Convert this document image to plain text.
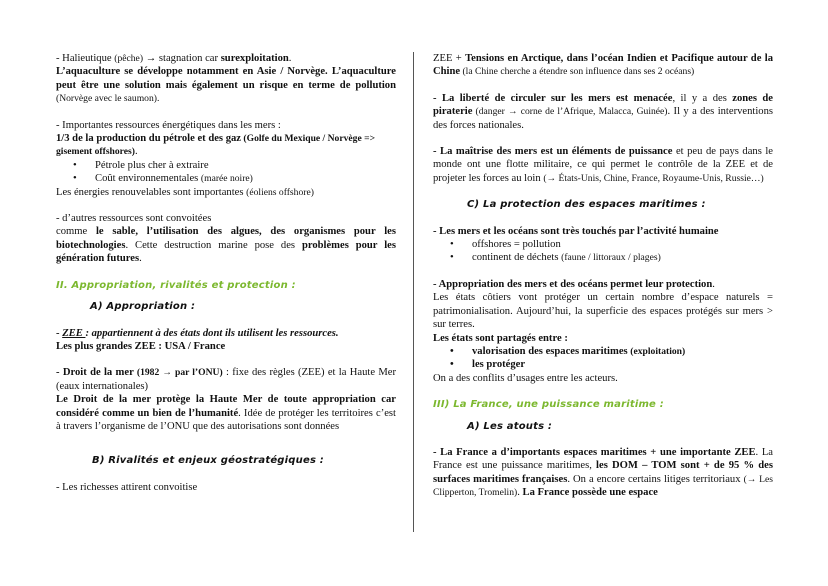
- Halieutique (pêche) → stagnation car surexploitation.

L’aquaculture se développe notamment en Asie / Norvège. L’aquaculture peut être une solution mais également un risque en terme de pollution (Norvège avec le saumon).

- Importantes ressources énergétiques dans les mers :

1/3 de la production du pétrole et des gaz (Golfe du Mexique / Norvège => gisement offshores).

• Pétrole plus cher à extraire
• Coût environnementales (marée noire)

Les énergies renouvelables sont importantes (éoliens offshore)

- d’autres ressources sont convoitées

comme le sable, l’utilisation des algues, des organismes pour les biotechnologies. Cette destruction marine pose des problèmes pour les génération futures.

II. Appropriation, rivalités et protection :

A) Appropriation :

- ZEE : appartiennent à des états dont ils utilisent les ressources.

Les plus grandes ZEE : USA / France

- Droit de la mer (1982 → par l’ONU) : fixe des règles (ZEE) et la Haute Mer (eaux internationales)

Le Droit de la mer protège la Haute Mer de toute appropriation car considéré comme un bien de l’humanité. Idée de protéger les territoires c’est à travers l’organisme de l’ONU que des autorisations sont données

B) Rivalités et enjeux géostratégiques :

- Les richesses attirent convoitise

ZEE + Tensions en Arctique, dans l’océan Indien et Pacifique autour de la Chine (la Chine cherche a étendre son influence dans ses 2 océans)

- La liberté de circuler sur les mers est menacée, il y a des zones de piraterie (danger → corne de l’Afrique, Malacca, Guinée). Il y a des interventions des forces nationales.

- La maîtrise des mers est un éléments de puissance et peu de pays dans le monde ont une flotte militaire, ce qui permet le contrôle de la ZEE et de projeter les forces au loin (→ États-Unis, Chine, France, Royaume-Unis, Russie…)

C) La protection des espaces maritimes :

- Les mers et les océans sont très touchés par l’activité humaine

• offshores = pollution
• continent de déchets (faune / littoraux / plages)

- Appropriation des mers et des océans permet leur protection.

Les états côtiers vont protéger un certain nombre d’espace naturels = patrimonialisation. Aujourd’hui, la superficie des espaces protégés sur mers > sur terres.

Les états sont partagés entre :

• valorisation des espaces maritimes (exploitation)
• les protéger

On a des conflits d’usages entre les acteurs.

III) La France, une puissance maritime :

A) Les atouts :

- La France a d’importants espaces maritimes + une importante ZEE. La France est une puissance maritimes, les DOM – TOM sont + de 95 % des surfaces maritimes françaises. On a encore certains litiges territoriaux (→ Les Clipperton, Tromelin). La France possède une espace
